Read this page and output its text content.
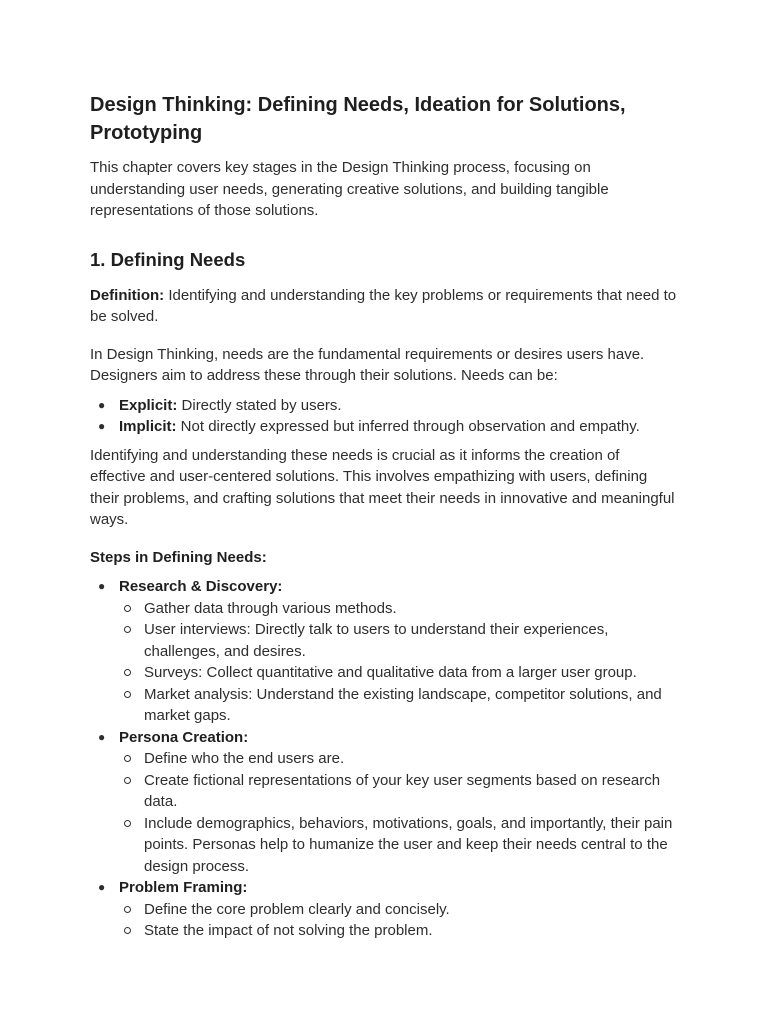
Design Thinking: Defining Needs, Ideation for Solutions, Prototyping

This chapter covers key stages in the Design Thinking process, focusing on understanding user needs, generating creative solutions, and building tangible representations of those solutions.

1. Defining Needs

Definition: Identifying and understanding the key problems or requirements that need to be solved.

In Design Thinking, needs are the fundamental requirements or desires users have. Designers aim to address these through their solutions. Needs can be:

● Explicit: Directly stated by users.
● Implicit: Not directly expressed but inferred through observation and empathy.

Identifying and understanding these needs is crucial as it informs the creation of effective and user-centered solutions. This involves empathizing with users, defining their problems, and crafting solutions that meet their needs in innovative and meaningful ways.

Steps in Defining Needs:

● Research & Discovery:
Gather data through various methods.
User interviews: Directly talk to users to understand their experiences, challenges, and desires.
Surveys: Collect quantitative and qualitative data from a larger user group.
Market analysis: Understand the existing landscape, competitor solutions, and market gaps.
● Persona Creation:
Define who the end users are.
Create fictional representations of your key user segments based on research data.
Include demographics, behaviors, motivations, goals, and importantly, their pain points. Personas help to humanize the user and keep their needs central to the design process.
● Problem Framing:
Define the core problem clearly and concisely.
State the impact of not solving the problem.
